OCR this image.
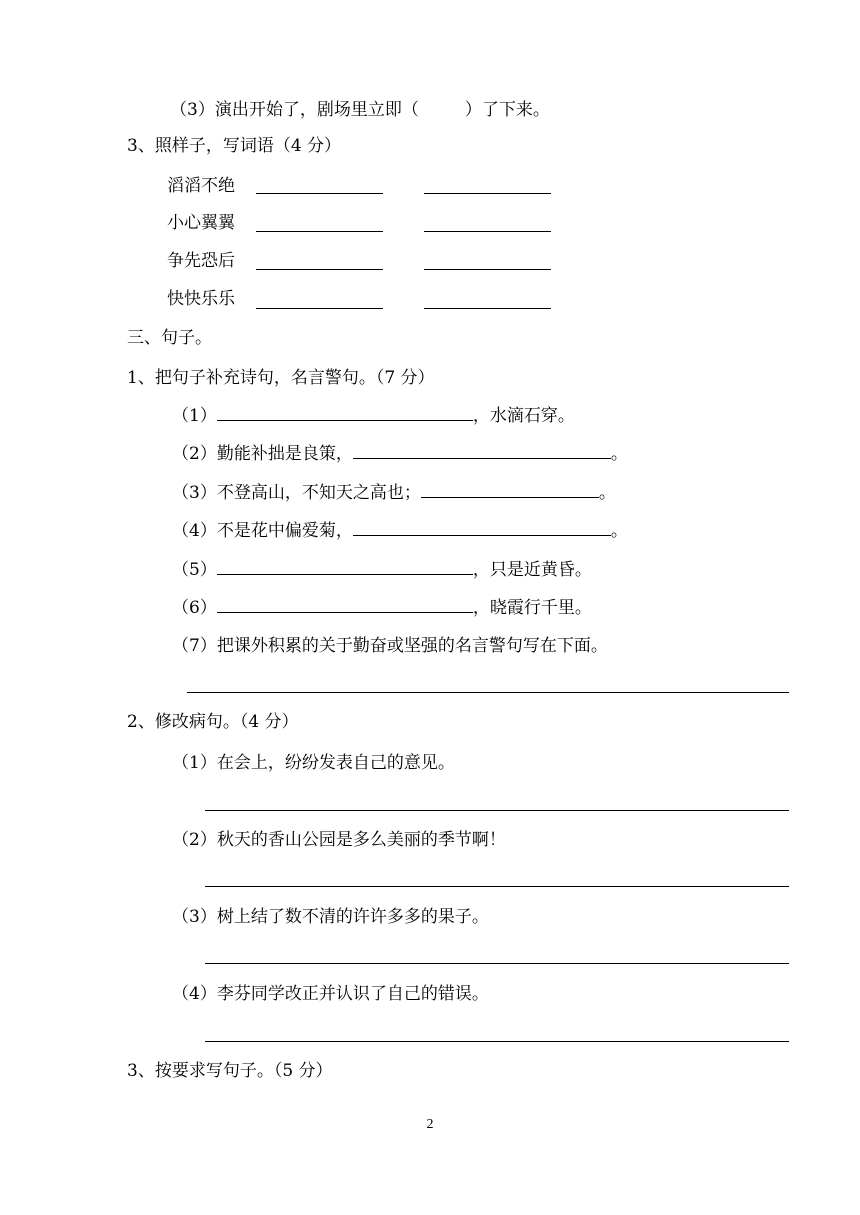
（3）演出开始了，剧场里立即（	）了下来。
3、照样子，写词语（4 分）
滔滔不绝
小心翼翼
争先恐后
快快乐乐
三、句子。
1、把句子补充诗句，名言警句。（7 分）
（1）	，水滴石穿。
（2）勤能补拙是良策，	。
（3）不登高山，不知天之高也；	。
（4）不是花中偏爱菊，	。
（5）	，只是近黄昏。
（6）	，晓霞行千里。
（7）把课外积累的关于勤奋或坚强的名言警句写在下面。
2、修改病句。（4 分）
（1）在会上，纷纷发表自己的意见。
（2）秋天的香山公园是多么美丽的季节啊！
（3）树上结了数不清的许许多多的果子。
（4）李芬同学改正并认识了自己的错误。
3、按要求写句子。（5 分）
2
